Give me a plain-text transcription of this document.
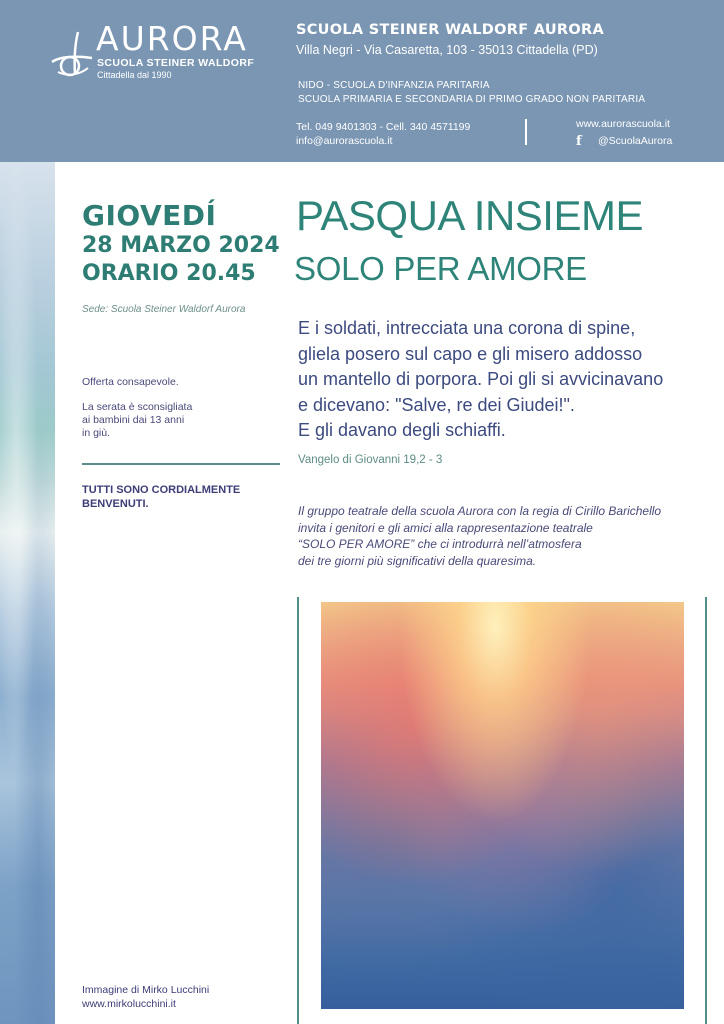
AURORA
SCUOLA STEINER WALDORF
Cittadella dal 1990
SCUOLA STEINER WALDORF AURORA
Villa Negri - Via Casaretta, 103 - 35013 Cittadella (PD)
NIDO - SCUOLA D'INFANZIA PARITARIA
SCUOLA PRIMARIA E SECONDARIA DI PRIMO GRADO NON PARITARIA
Tel. 049 9401303 - Cell. 340 4571199
info@aurorascuola.it
www.aurorascuola.it
f	@ScuolaAurora
GIOVEDÍ
28 MARZO 2024
ORARIO 20.45
Sede: Scuola Steiner Waldorf Aurora

Offerta consapevole.

La serata è sconsigliata
ai bambini dai 13 anni
in giù.

TUTTI SONO CORDIALMENTE
BENVENUTI.
PASQUA INSIEME
SOLO PER AMORE
E i soldati, intrecciata una corona di spine,
gliela posero sul capo e gli misero addosso
un mantello di porpora. Poi gli si avvicinavano
e dicevano: "Salve, re dei Giudei!".
E gli davano degli schiaffi.
Vangelo di Giovanni 19,2 - 3
Il gruppo teatrale della scuola Aurora con la regia di Cirillo Barichello
invita i genitori e gli amici alla rappresentazione teatrale
“SOLO PER AMORE” che ci introdurrà nell’atmosfera
dei tre giorni più significativi della quaresima.
Immagine di Mirko Lucchini
www.mirkolucchini.it
